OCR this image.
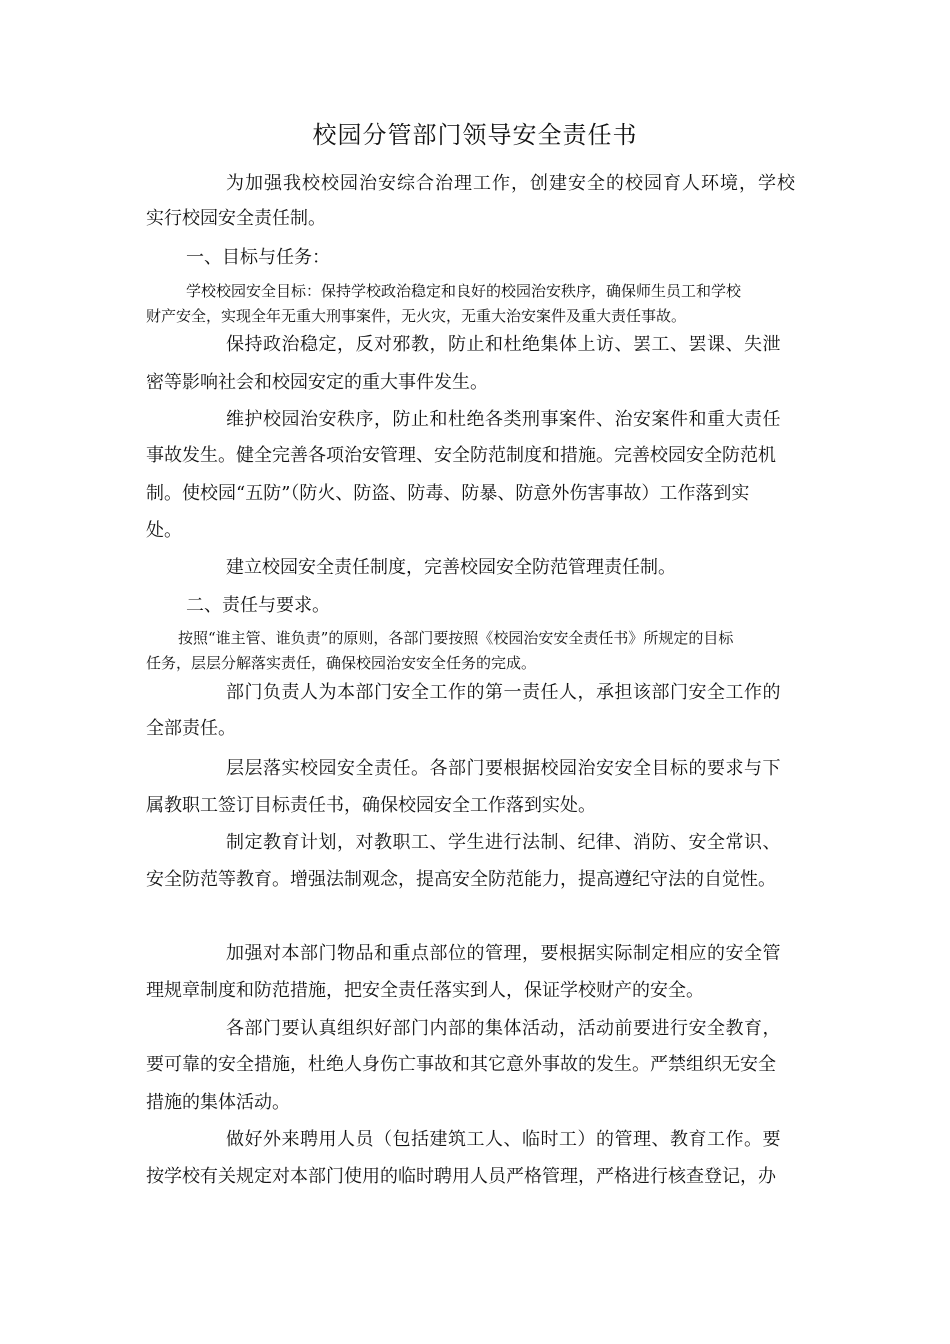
校园分管部门领导安全责任书
为加强我校校园治安综合治理工作，创建安全的校园育人环境，学校
实行校园安全责任制。
一、目标与任务：
学校校园安全目标：保持学校政治稳定和良好的校园治安秩序，确保师生员工和学校
财产安全，实现全年无重大刑事案件，无火灾，无重大治安案件及重大责任事故。
保持政治稳定，反对邪教，防止和杜绝集体上访、罢工、罢课、失泄
密等影响社会和校园安定的重大事件发生。
维护校园治安秩序，防止和杜绝各类刑事案件、治安案件和重大责任
事故发生。健全完善各项治安管理、安全防范制度和措施。完善校园安全防范机
制。使校园“五防”（防火、防盗、防毒、防暴、防意外伤害事故）工作落到实
处。
建立校园安全责任制度，完善校园安全防范管理责任制。
二、责任与要求。
按照“谁主管、谁负责”的原则，各部门要按照《校园治安安全责任书》所规定的目标
任务，层层分解落实责任，确保校园治安安全任务的完成。
部门负责人为本部门安全工作的第一责任人，承担该部门安全工作的
全部责任。
层层落实校园安全责任。各部门要根据校园治安安全目标的要求与下
属教职工签订目标责任书，确保校园安全工作落到实处。
制定教育计划，对教职工、学生进行法制、纪律、消防、安全常识、
安全防范等教育。增强法制观念，提高安全防范能力，提高遵纪守法的自觉性。
加强对本部门物品和重点部位的管理，要根据实际制定相应的安全管
理规章制度和防范措施，把安全责任落实到人，保证学校财产的安全。
各部门要认真组织好部门内部的集体活动，活动前要进行安全教育，
要可靠的安全措施，杜绝人身伤亡事故和其它意外事故的发生。严禁组织无安全
措施的集体活动。
做好外来聘用人员（包括建筑工人、临时工）的管理、教育工作。要
按学校有关规定对本部门使用的临时聘用人员严格管理，严格进行核查登记，办
